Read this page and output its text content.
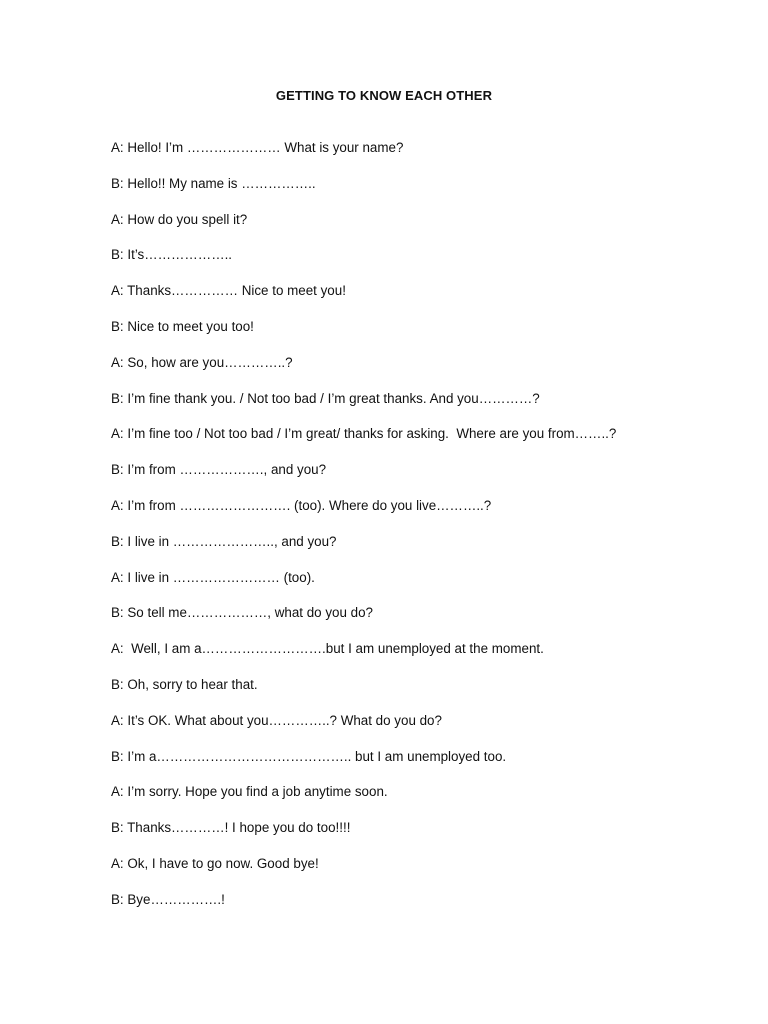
GETTING TO KNOW EACH OTHER
A: Hello! I’m ………………… What is your name?
B: Hello!! My name is ……………..
A: How do you spell it?
B: It’s………………..
A: Thanks…………… Nice to meet you!
B: Nice to meet you too!
A: So, how are you…………..?
B: I’m fine thank you. / Not too bad / I’m great thanks. And you…………?
A: I’m fine too / Not too bad / I’m great/ thanks for asking.  Where are you from……..?
B: I’m from ………………., and you?
A: I’m from ……………………. (too). Where do you live………..?
B: I live in ………………….., and you?
A: I live in …………………… (too).
B: So tell me………………, what do you do?
A:  Well, I am a……………………….but I am unemployed at the moment.
B: Oh, sorry to hear that.
A: It’s OK. What about you…………..? What do you do?
B: I’m a…………………………………….. but I am unemployed too.
A: I’m sorry. Hope you find a job anytime soon.
B: Thanks…………! I hope you do too!!!!
A: Ok, I have to go now. Good bye!
B: Bye…………….!
